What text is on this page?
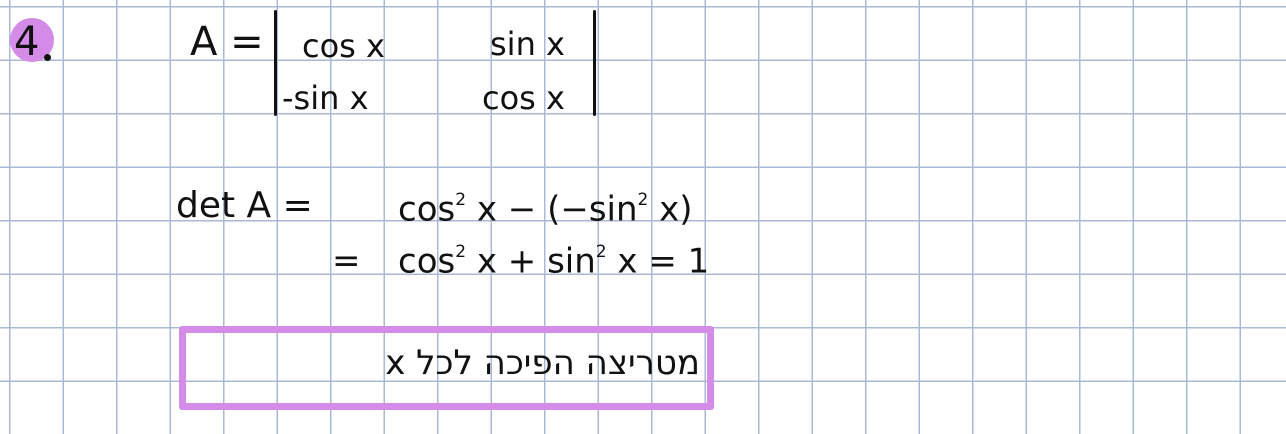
4	A = cos x	sin x
-sin x	cos x
det A =	$\cos^2 x - (-\sin^2$ x)
= $\cos^2 x + \sin^2 x = 1$
מטריצה הפיכה לכל x
